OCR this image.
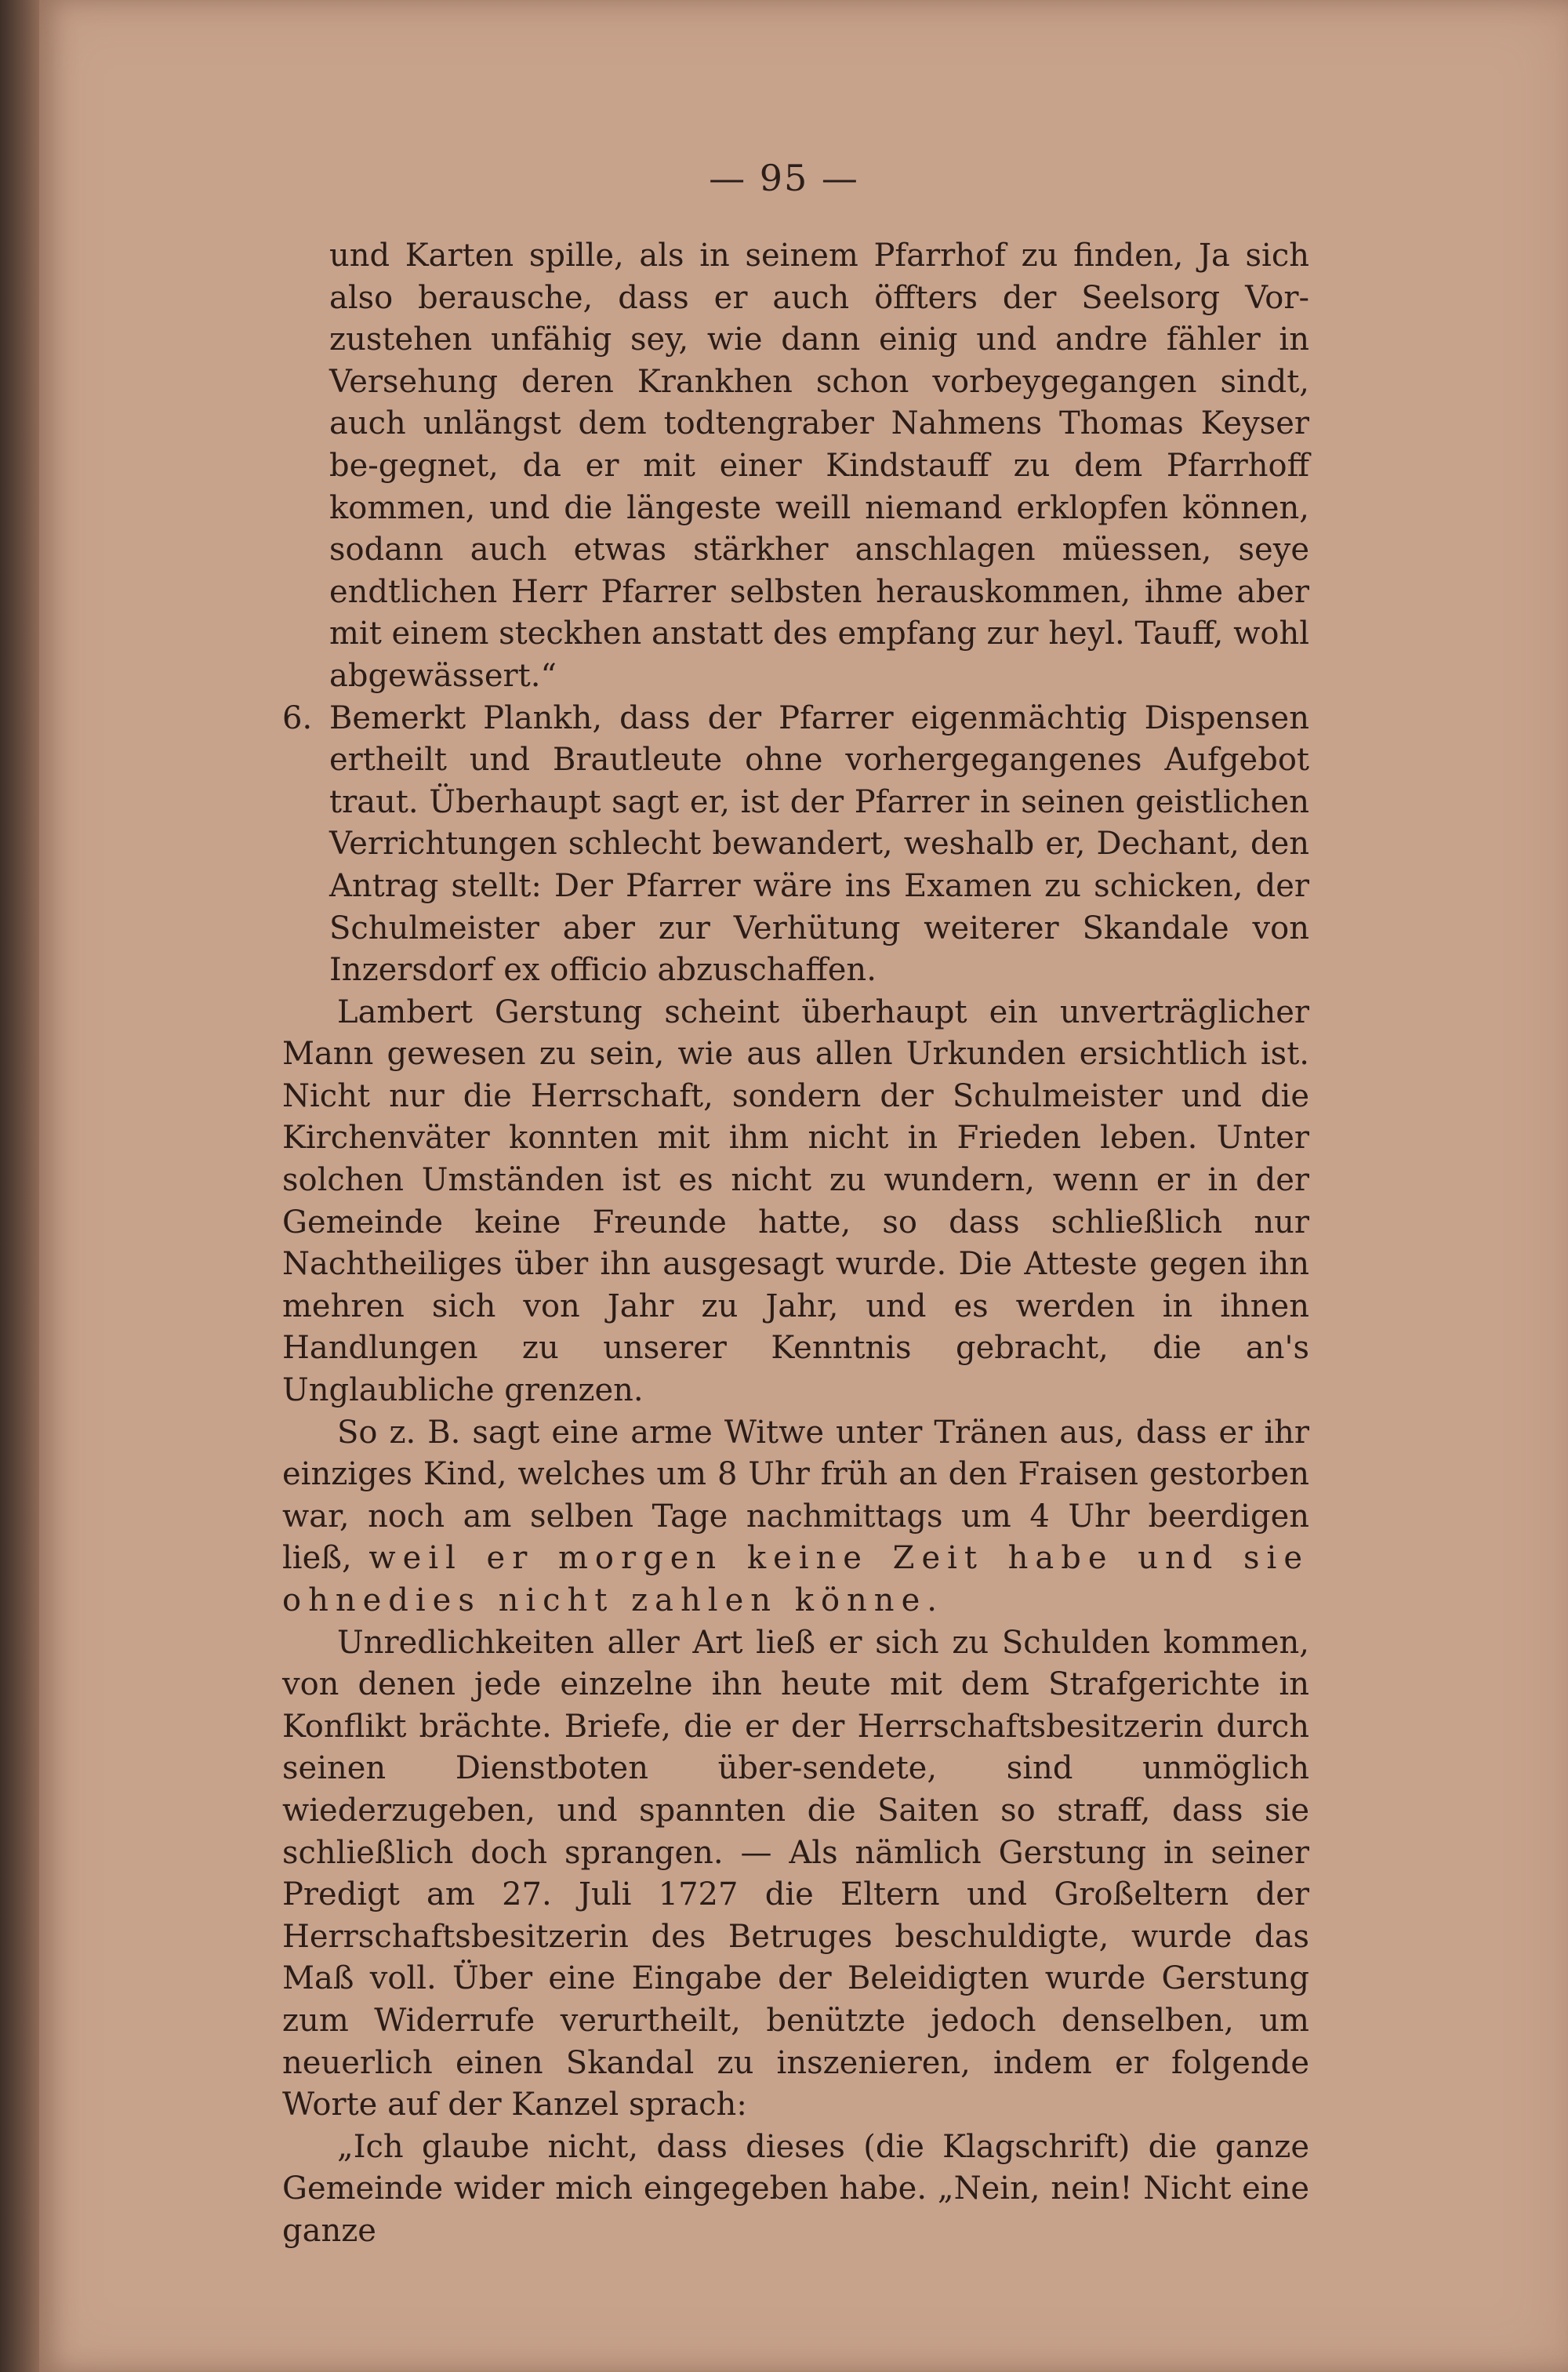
— 95 —

und Karten spille, als in seinem Pfarrhof zu finden, Ja sich also berausche, dass er auch öffters der Seelsorg Vor-zustehen unfähig sey, wie dann einig und andre fähler in Versehung deren Krankhen schon vorbeygegangen sindt, auch unlängst dem todtengraber Nahmens Thomas Keyser be-gegnet, da er mit einer Kindstauff zu dem Pfarrhoff kommen, und die längeste weill niemand erklopfen können, sodann auch etwas stärkher anschlagen müessen, seye endtlichen Herr Pfarrer selbsten herauskommen, ihme aber mit einem steckhen anstatt des empfang zur heyl. Tauff, wohl abgewässert.“

6. Bemerkt Plankh, dass der Pfarrer eigenmächtig Dispensen ertheilt und Brautleute ohne vorhergegangenes Aufgebot traut. Überhaupt sagt er, ist der Pfarrer in seinen geistlichen Verrichtungen schlecht bewandert, weshalb er, Dechant, den Antrag stellt: Der Pfarrer wäre ins Examen zu schicken, der Schulmeister aber zur Verhütung weiterer Skandale von Inzersdorf ex officio abzuschaffen.

Lambert Gerstung scheint überhaupt ein unverträglicher Mann gewesen zu sein, wie aus allen Urkunden ersichtlich ist. Nicht nur die Herrschaft, sondern der Schulmeister und die Kirchenväter konnten mit ihm nicht in Frieden leben. Unter solchen Umständen ist es nicht zu wundern, wenn er in der Gemeinde keine Freunde hatte, so dass schließlich nur Nachtheiliges über ihn ausgesagt wurde. Die Atteste gegen ihn mehren sich von Jahr zu Jahr, und es werden in ihnen Handlungen zu unserer Kenntnis gebracht, die an's Unglaubliche grenzen.

So z. B. sagt eine arme Witwe unter Tränen aus, dass er ihr einziges Kind, welches um 8 Uhr früh an den Fraisen gestorben war, noch am selben Tage nachmittags um 4 Uhr beerdigen ließ, weil er morgen keine Zeit habe und sie ohnedies nicht zahlen könne.

Unredlichkeiten aller Art ließ er sich zu Schulden kommen, von denen jede einzelne ihn heute mit dem Strafgerichte in Konflikt brächte. Briefe, die er der Herrschaftsbesitzerin durch seinen Dienstboten über-sendete, sind unmöglich wiederzugeben, und spannten die Saiten so straff, dass sie schließlich doch sprangen. — Als nämlich Gerstung in seiner Predigt am 27. Juli 1727 die Eltern und Großeltern der Herrschaftsbesitzerin des Betruges beschuldigte, wurde das Maß voll. Über eine Eingabe der Beleidigten wurde Gerstung zum Widerrufe verurtheilt, benützte jedoch denselben, um neuerlich einen Skandal zu inszenieren, indem er folgende Worte auf der Kanzel sprach:

„Ich glaube nicht, dass dieses (die Klagschrift) die ganze Gemeinde wider mich eingegeben habe. „Nein, nein! Nicht eine ganze
